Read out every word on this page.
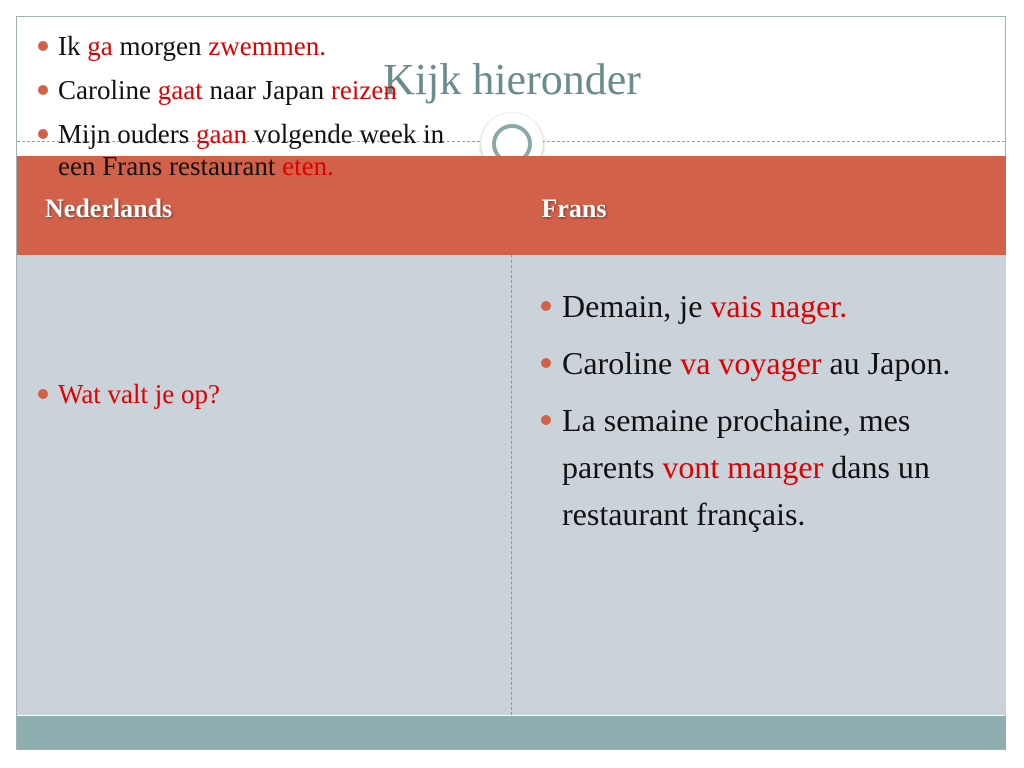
Kijk hieronder
Nederlands	Frans
Ik ga morgen zwemmen.
Caroline gaat naar Japan reizen
Mijn ouders gaan volgende week in een Frans restaurant eten.
Wat valt je op?
Demain, je vais nager.
Caroline va voyager au Japon.
La semaine prochaine, mes parents vont manger dans un restaurant français.
